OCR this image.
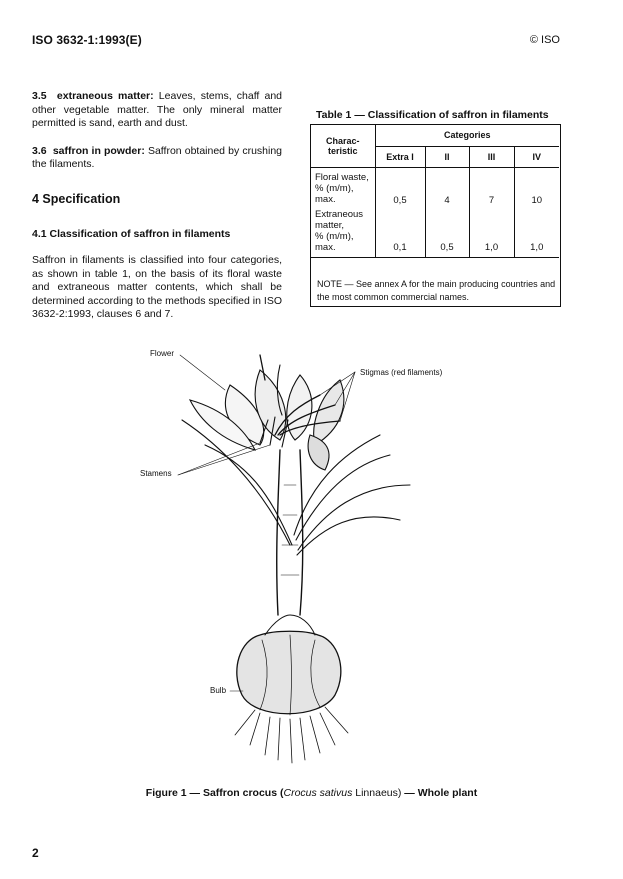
ISO 3632-1:1993(E)	© ISO

3.5 extraneous matter: Leaves, stems, chaff and other vegetable matter. The only mineral matter permitted is sand, earth and dust.

3.6 saffron in powder: Saffron obtained by crushing the filaments.

4 Specification
4.1 Classification of saffron in filaments

Saffron in filaments is classified into four categories, as shown in table 1, on the basis of its floral waste and extraneous matter contents, which shall be determined according to the methods specified in ISO 3632-2:1993, clauses 6 and 7.

Table 1 — Classification of saffron in filaments
Charac-
teristic	Categories			
	Extra I	II	III	IV

Floral waste,
% (m/m),
max.	0,5	4	7	10

Extraneous
matter,
% (m/m),
max.	0,1	0,5	1,0	1,0
NOTE — See annex A for the main producing countries and the most common commercial names.
Flower
Stigmas (red filaments)
Stamens
Bulb
Figure 1 — Saffron crocus (Crocus sativus Linnaeus) — Whole plant
2
